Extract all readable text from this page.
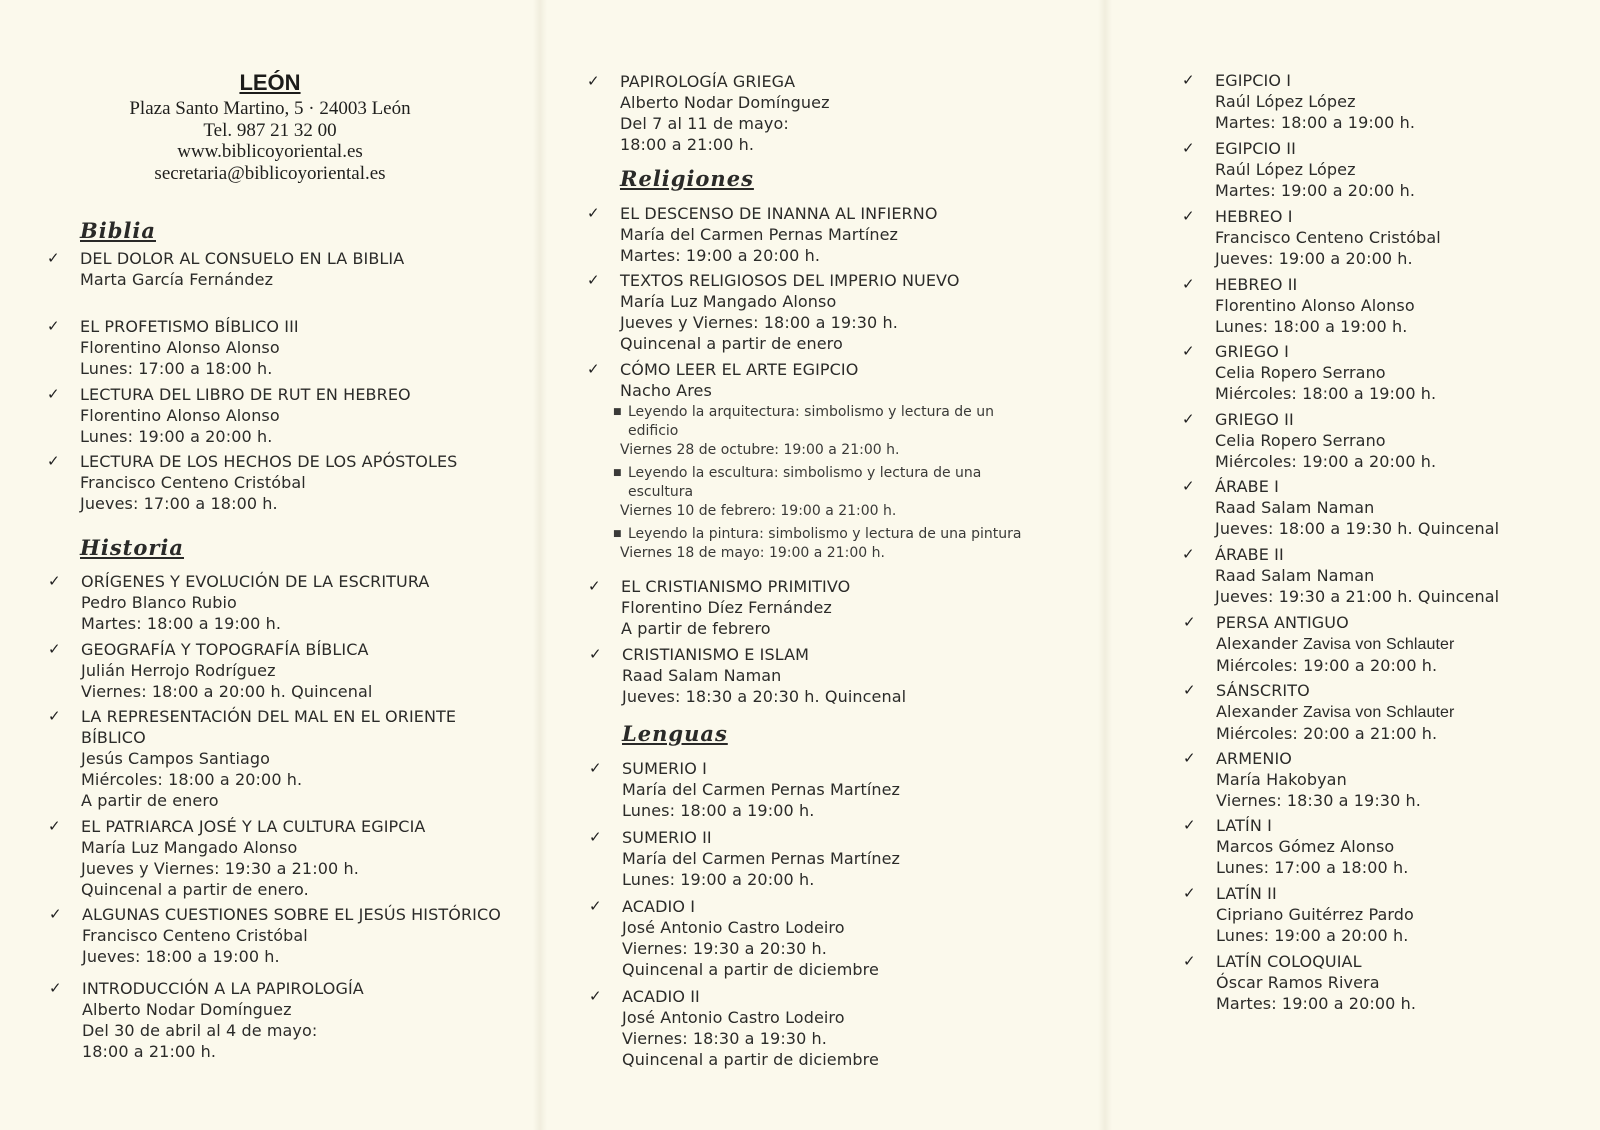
LEÓN
Plaza Santo Martino, 5 · 24003 León
Tel. 987 21 32 00
www.biblicoyoriental.es
secretaria@biblicoyoriental.es
Biblia
✓ DEL DOLOR AL CONSUELO EN LA BIBLIA
Marta García Fernández
✓ EL PROFETISMO BÍBLICO III
Florentino Alonso Alonso
Lunes: 17:00 a 18:00 h.
✓ LECTURA DEL LIBRO DE RUT EN HEBREO
Florentino Alonso Alonso
Lunes: 19:00 a 20:00 h.
✓ LECTURA DE LOS HECHOS DE LOS APÓSTOLES
Francisco Centeno Cristóbal
Jueves: 17:00 a 18:00 h.
Historia
✓ ORÍGENES Y EVOLUCIÓN DE LA ESCRITURA
Pedro Blanco Rubio
Martes: 18:00 a 19:00 h.
✓ GEOGRAFÍA Y TOPOGRAFÍA BÍBLICA
Julián Herrojo Rodríguez
Viernes: 18:00 a 20:00 h. Quincenal
✓ LA REPRESENTACIÓN DEL MAL EN EL ORIENTE
BÍBLICO
Jesús Campos Santiago
Miércoles: 18:00 a 20:00 h.
A partir de enero
✓ EL PATRIARCA JOSÉ Y LA CULTURA EGIPCIA
María Luz Mangado Alonso
Jueves y Viernes: 19:30 a 21:00 h.
Quincenal a partir de enero.
✓ ALGUNAS CUESTIONES SOBRE EL JESÚS HISTÓRICO
Francisco Centeno Cristóbal
Jueves: 18:00 a 19:00 h.
✓ INTRODUCCIÓN A LA PAPIROLOGÍA
Alberto Nodar Domínguez
Del 30 de abril al 4 de mayo:
18:00 a 21:00 h.
✓ PAPIROLOGÍA GRIEGA
Alberto Nodar Domínguez
Del 7 al 11 de mayo:
18:00 a 21:00 h.
Religiones
✓ EL DESCENSO DE INANNA AL INFIERNO
María del Carmen Pernas Martínez
Martes: 19:00 a 20:00 h.
✓ TEXTOS RELIGIOSOS DEL IMPERIO NUEVO
María Luz Mangado Alonso
Jueves y Viernes: 18:00 a 19:30 h.
Quincenal a partir de enero
✓ CÓMO LEER EL ARTE EGIPCIO
Nacho Ares
■ Leyendo la arquitectura: simbolismo y lectura de un edificio
Viernes 28 de octubre: 19:00 a 21:00 h.
■ Leyendo la escultura: simbolismo y lectura de una escultura
Viernes 10 de febrero: 19:00 a 21:00 h.
■ Leyendo la pintura: simbolismo y lectura de una pintura
Viernes 18 de mayo: 19:00 a 21:00 h.
✓ EL CRISTIANISMO PRIMITIVO
Florentino Díez Fernández
A partir de febrero
✓ CRISTIANISMO E ISLAM
Raad Salam Naman
Jueves: 18:30 a 20:30 h. Quincenal
Lenguas
✓ SUMERIO I
María del Carmen Pernas Martínez
Lunes: 18:00 a 19:00 h.
✓ SUMERIO II
María del Carmen Pernas Martínez
Lunes: 19:00 a 20:00 h.
✓ ACADIO I
José Antonio Castro Lodeiro
Viernes: 19:30 a 20:30 h.
Quincenal a partir de diciembre
✓ ACADIO II
José Antonio Castro Lodeiro
Viernes: 18:30 a 19:30 h.
Quincenal a partir de diciembre
✓ EGIPCIO I
Raúl López López
Martes: 18:00 a 19:00 h.
✓ EGIPCIO II
Raúl López López
Martes: 19:00 a 20:00 h.
✓ HEBREO I
Francisco Centeno Cristóbal
Jueves: 19:00 a 20:00 h.
✓ HEBREO II
Florentino Alonso Alonso
Lunes: 18:00 a 19:00 h.
✓ GRIEGO I
Celia Ropero Serrano
Miércoles: 18:00 a 19:00 h.
✓ GRIEGO II
Celia Ropero Serrano
Miércoles: 19:00 a 20:00 h.
✓ ÁRABE I
Raad Salam Naman
Jueves: 18:00 a 19:30 h. Quincenal
✓ ÁRABE II
Raad Salam Naman
Jueves: 19:30 a 21:00 h. Quincenal
✓ PERSA ANTIGUO
Alexander Zavisa von Schlauter
Miércoles: 19:00 a 20:00 h.
✓ SÁNSCRITO
Alexander Zavisa von Schlauter
Miércoles: 20:00 a 21:00 h.
✓ ARMENIO
María Hakobyan
Viernes: 18:30 a 19:30 h.
✓ LATÍN I
Marcos Gómez Alonso
Lunes: 17:00 a 18:00 h.
✓ LATÍN II
Cipriano Guitérrez Pardo
Lunes: 19:00 a 20:00 h.
✓ LATÍN COLOQUIAL
Óscar Ramos Rivera
Martes: 19:00 a 20:00 h.
